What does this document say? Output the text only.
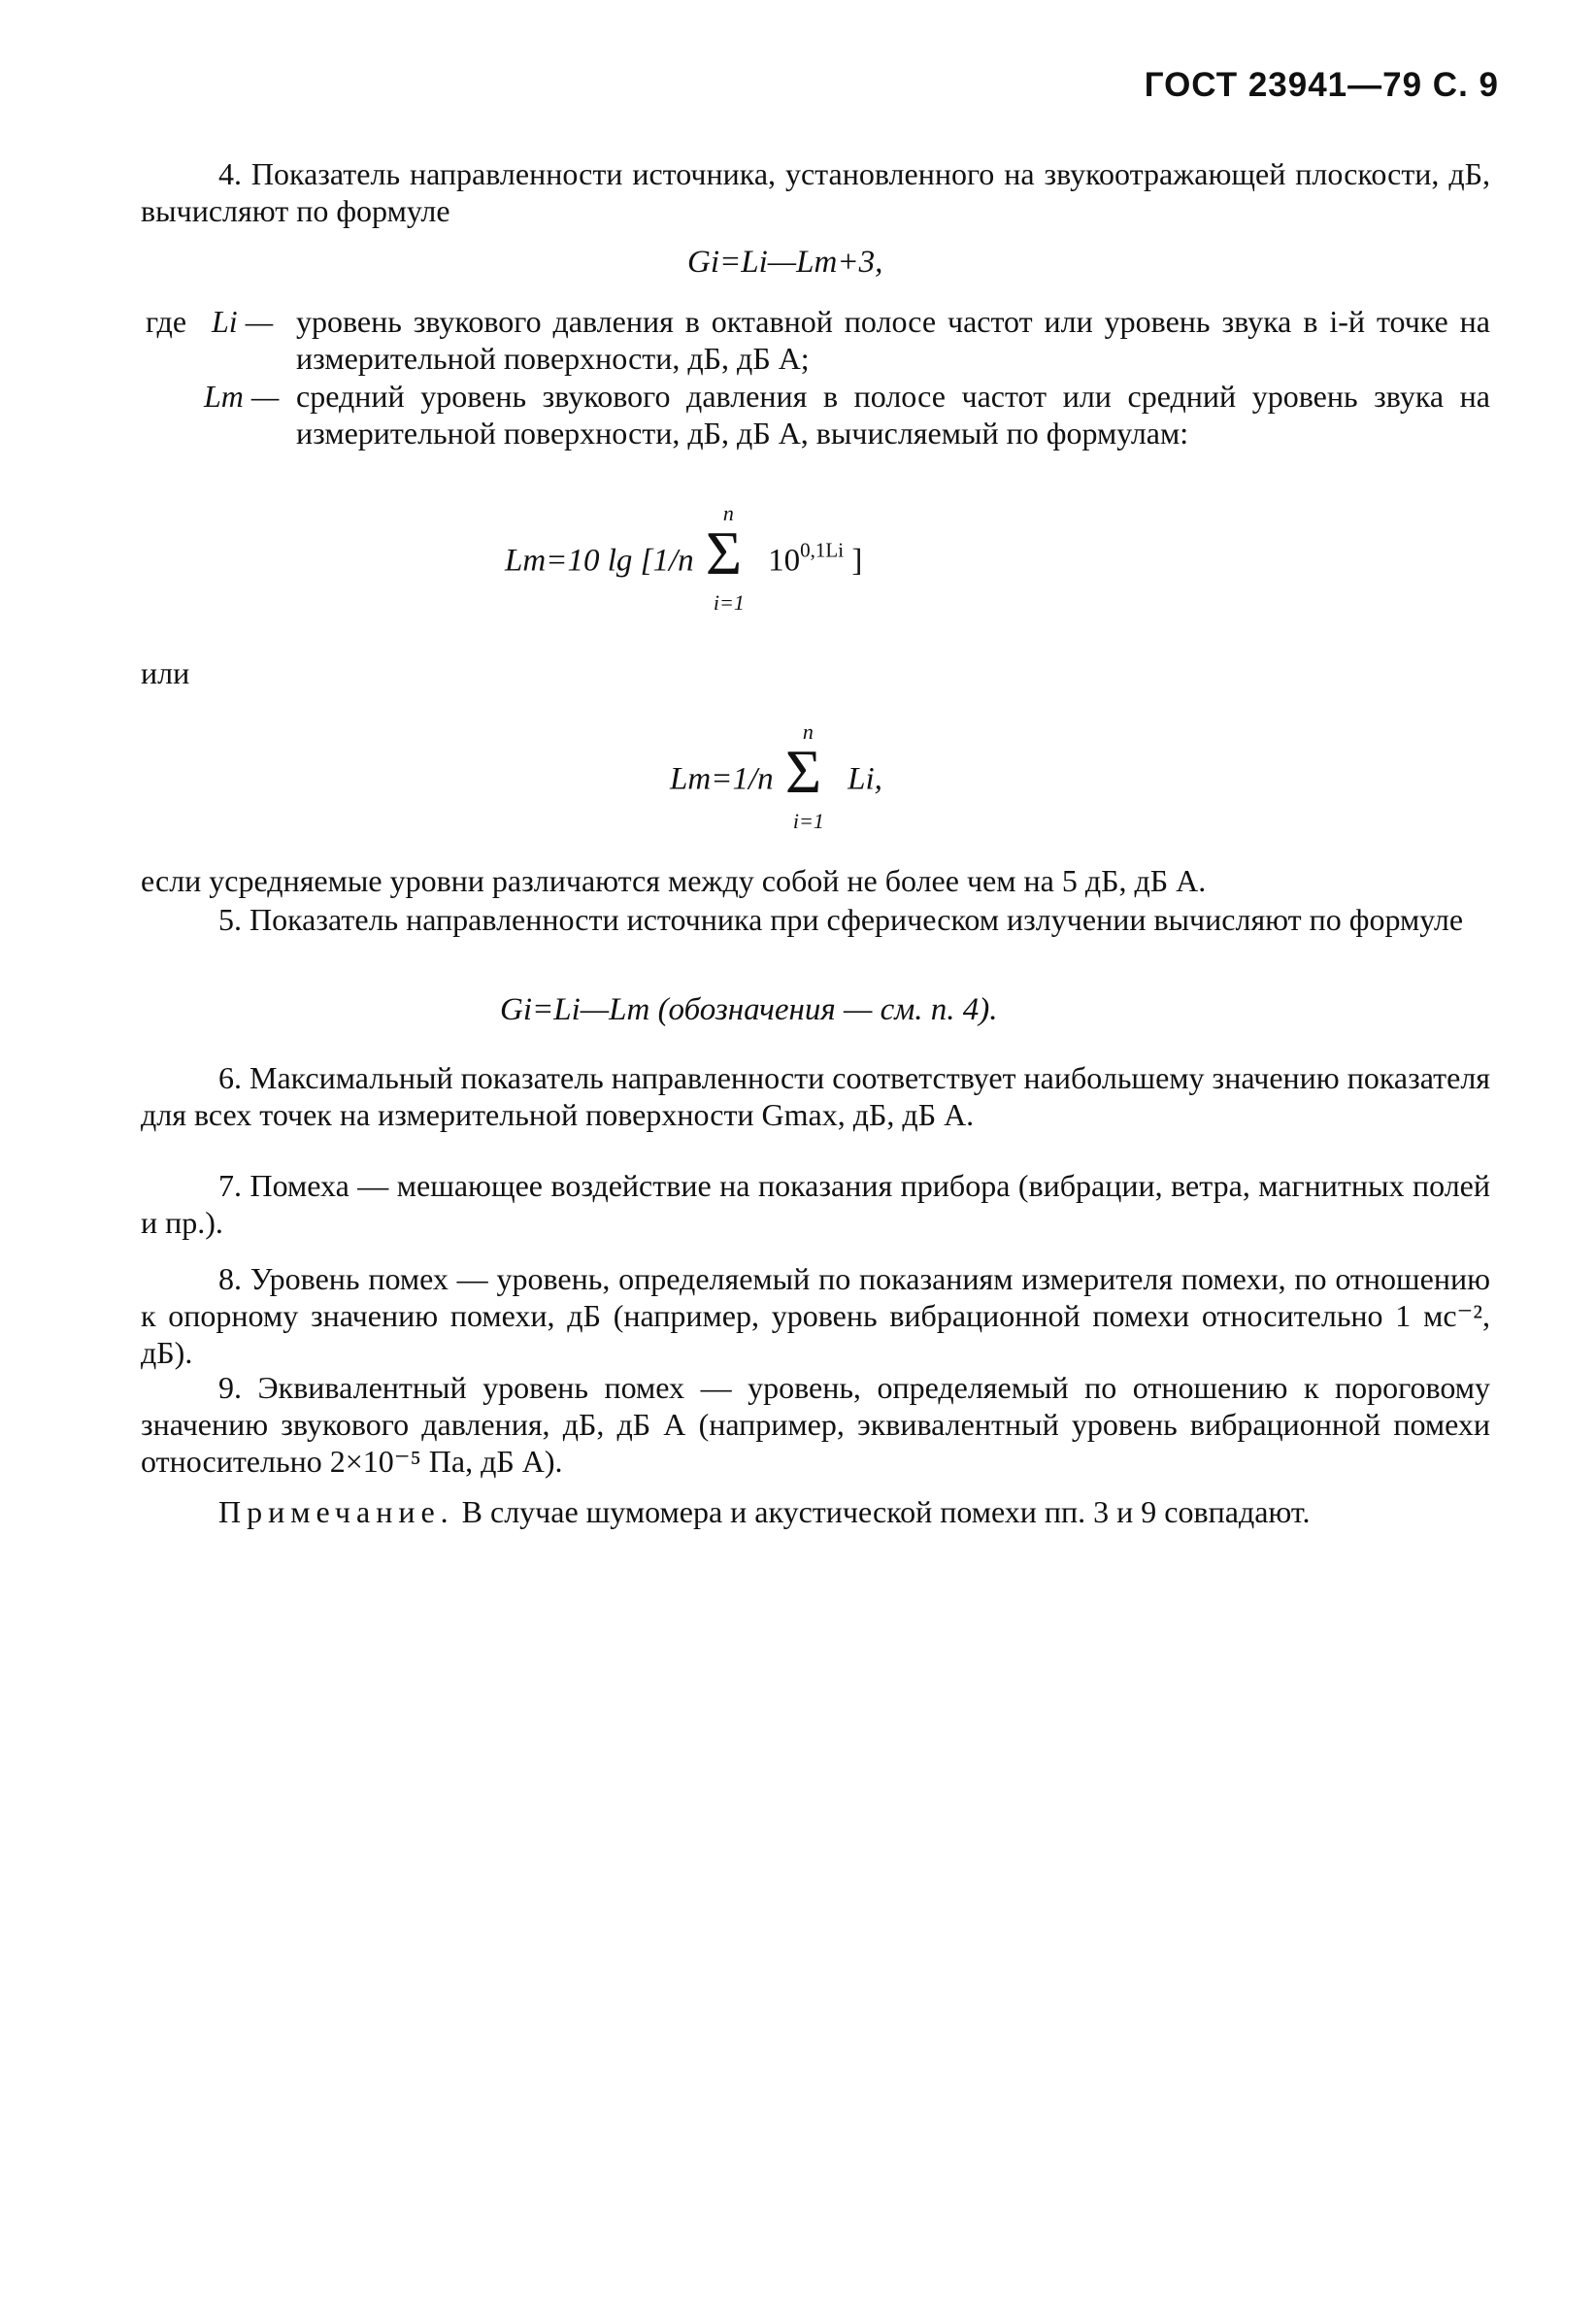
ГОСТ 23941—79 С. 9
4. Показатель направленности источника, установленного на звукоотражающей плоскости, дБ, вычисляют по формуле
Gi=Li—Lm+3,
где Li — уровень звукового давления в октавной полосе частот или уровень звука в i-й точке на измерительной поверхности, дБ, дБ А;
Lm — средний уровень звукового давления в полосе частот или средний уровень звука на измерительной поверхности, дБ, дБ А, вычисляемый по формулам:
Lm=10 lg [1/n
n
Σ
i=1
$10^{0,1Li}$ ]
или
Lm=1/n
n
Σ
i=1
Li,
если усредняемые уровни различаются между собой не более чем на 5 дБ, дБ А.
5. Показатель направленности источника при сферическом излучении вычисляют по формуле
Gi=Li—Lm (обозначения — см. п. 4).
6. Максимальный показатель направленности соответствует наибольшему значению показателя для всех точек на измерительной поверхности Gmax, дБ, дБ А.
7. Помеха — мешающее воздействие на показания прибора (вибрации, ветра, магнитных полей и пр.).
8. Уровень помех — уровень, определяемый по показаниям измерителя помехи, по отношению к опорному значению помехи, дБ (например, уровень вибрационной помехи относительно 1 мс⁻², дБ).
9. Эквивалентный уровень помех — уровень, определяемый по отношению к пороговому значению звукового давления, дБ, дБ А (например, эквивалентный уровень вибрационной помехи относительно 2×10⁻⁵ Па, дБ А).
Примечание. В случае шумомера и акустической помехи пп. 3 и 9 совпадают.
